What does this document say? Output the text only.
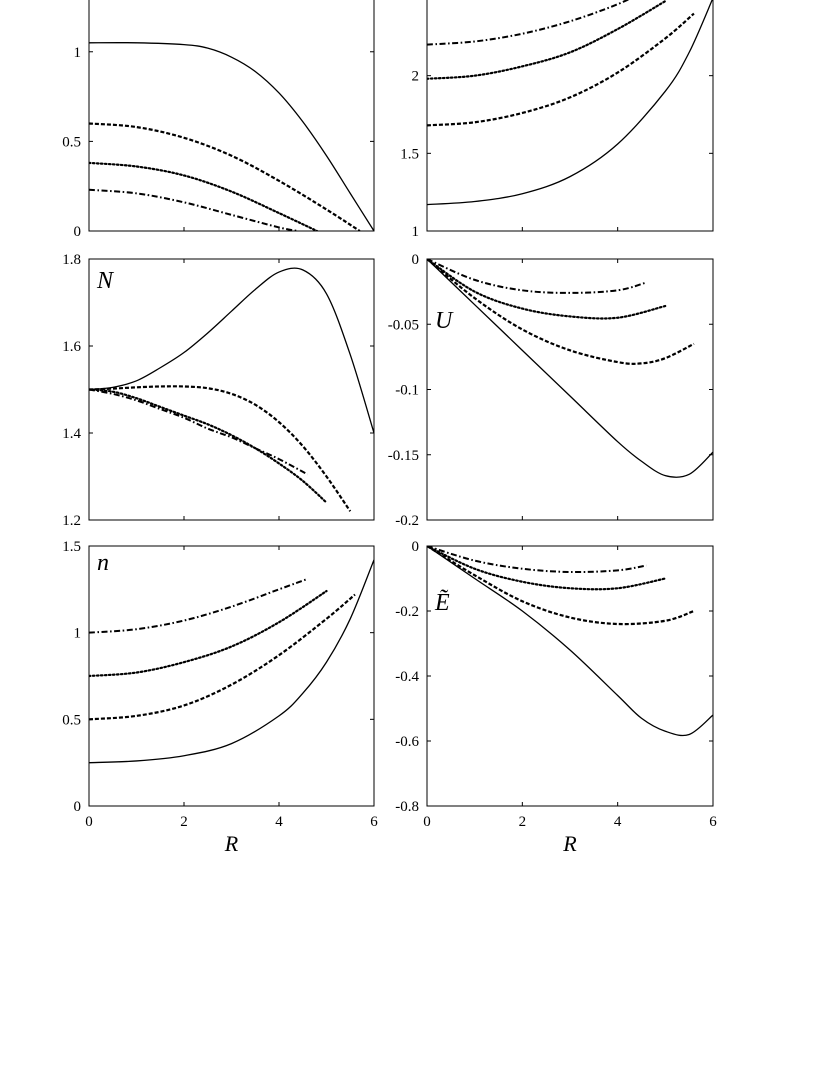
0
0.5
1
1
1.5
2
1.2
1.4
1.6
1.8
N
-0.2
-0.15
-0.1
-0.05
0
U
0
0.5
1
1.5
0	2	4	6
n
R
-0.8
-0.6
-0.4
-0.2
0
0	2	4	6
Ẽ
R
